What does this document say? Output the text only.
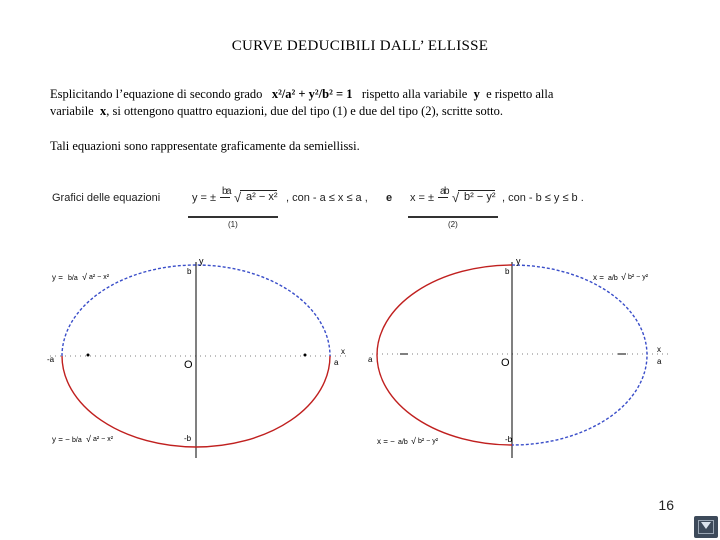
CURVE DEDUCIBILI DALL’ ELLISSE
Esplicitando l’equazione di secondo grado x²/a² + y²/b² = 1 rispetto alla variabile y e rispetto alla
variabile x, si ottengono quattro equazioni, due del tipo (1) e due del tipo (2), scritte sotto.
Tali equazioni sono rappresentate graficamente da semiellissi.
Grafici delle equazioni	y = ±
b
a √ a² − x² , con - a ≤ x ≤ a , e x = ±
a
b √ b² − y² , con - b ≤ y ≤ b .
(1)	(2)
y
x
O
b
-b
-a	a
y = b/a √ a² − x²
y = − b/a √ a² − x²
y
x
O
b
-b
a	a
x = a/b √ b² − y²
x = − a/b √ b² − y²
16
